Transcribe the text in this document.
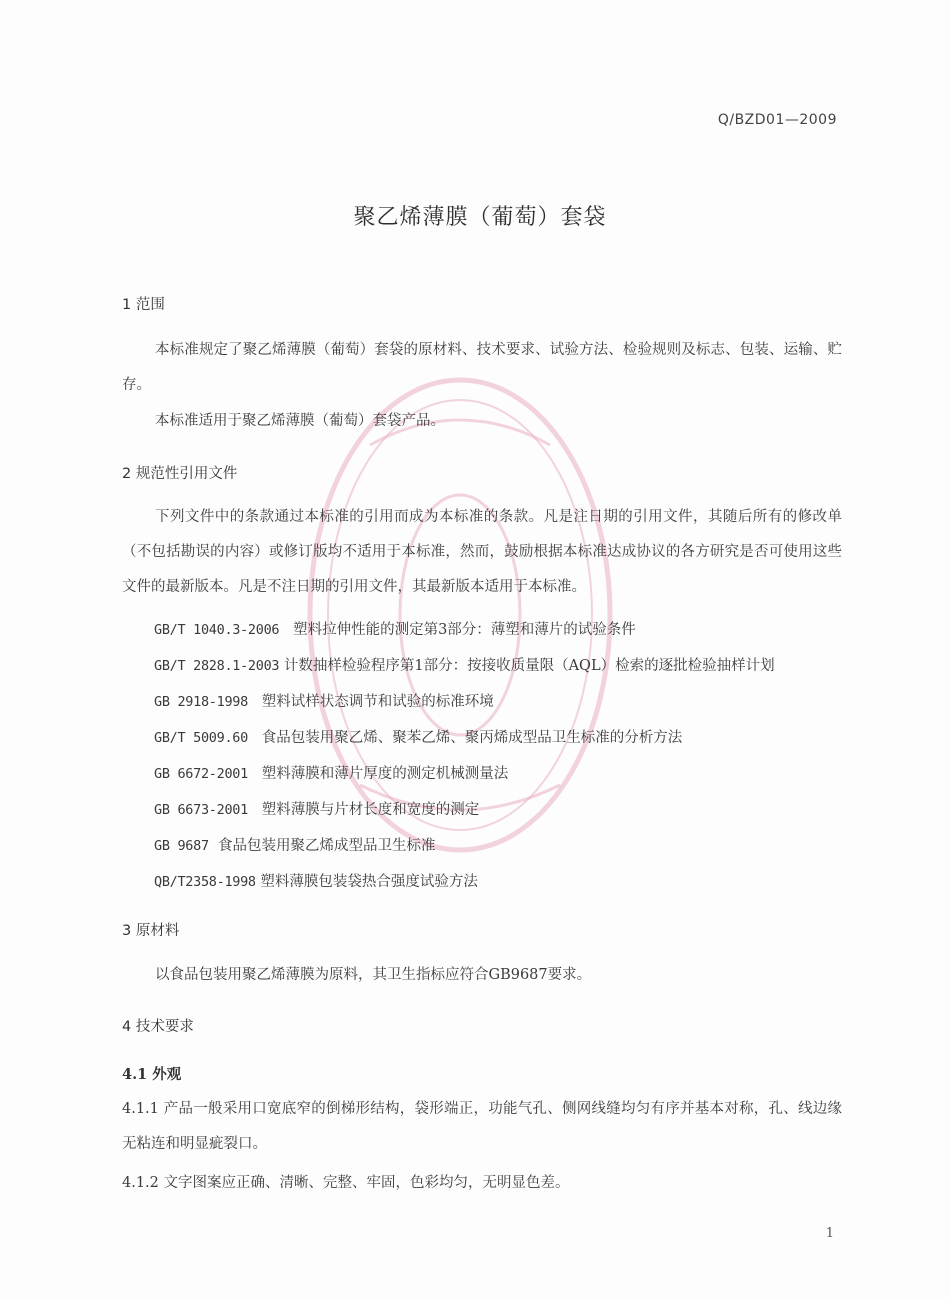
Q/BZD01—2009
聚乙烯薄膜（葡萄）套袋
1 范围
本标准规定了聚乙烯薄膜（葡萄）套袋的原材料、技术要求、试验方法、检验规则及标志、包装、运输、贮存。
本标准适用于聚乙烯薄膜（葡萄）套袋产品。
2 规范性引用文件
下列文件中的条款通过本标准的引用而成为本标准的条款。凡是注日期的引用文件，其随后所有的修改单（不包括勘误的内容）或修订版均不适用于本标准，然而，鼓励根据本标准达成协议的各方研究是否可使用这些文件的最新版本。凡是不注日期的引用文件，其最新版本适用于本标准。
GB/T 1040.3-2006 塑料拉伸性能的测定第3部分：薄塑和薄片的试验条件
GB/T 2828.1-2003 计数抽样检验程序第1部分：按接收质量限（AQL）检索的逐批检验抽样计划
GB 2918-1998 塑料试样状态调节和试验的标准环境
GB/T 5009.60 食品包装用聚乙烯、聚苯乙烯、聚丙烯成型品卫生标准的分析方法
GB 6672-2001 塑料薄膜和薄片厚度的测定机械测量法
GB 6673-2001 塑料薄膜与片材长度和宽度的测定
GB 9687 食品包装用聚乙烯成型品卫生标准
QB/T2358-1998 塑料薄膜包装袋热合强度试验方法
3 原材料
以食品包装用聚乙烯薄膜为原料，其卫生指标应符合GB9687要求。
4 技术要求
4.1 外观
4.1.1 产品一般采用口宽底窄的倒梯形结构，袋形端正，功能气孔、侧网线缝均匀有序并基本对称，孔、线边缘无粘连和明显疵裂口。
4.1.2 文字图案应正确、清晰、完整、牢固，色彩均匀，无明显色差。
1
